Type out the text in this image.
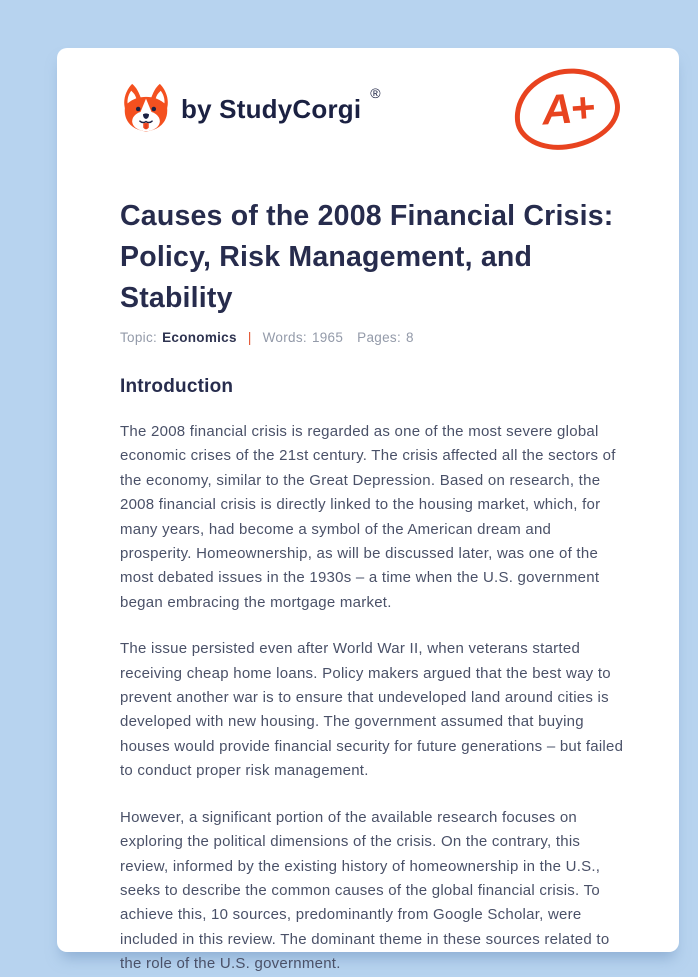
by StudyCorgi
®	A+
Causes of the 2008 Financial Crisis: Policy, Risk Management, and Stability
Topic: Economics | Words: 1965 Pages: 8
Introduction

The 2008 financial crisis is regarded as one of the most severe global economic crises of the 21st century. The crisis affected all the sectors of the economy, similar to the Great Depression. Based on research, the 2008 financial crisis is directly linked to the housing market, which, for many years, had become a symbol of the American dream and prosperity. Homeownership, as will be discussed later, was one of the most debated issues in the 1930s – a time when the U.S. government began embracing the mortgage market.

The issue persisted even after World War II, when veterans started receiving cheap home loans. Policy makers argued that the best way to prevent another war is to ensure that undeveloped land around cities is developed with new housing. The government assumed that buying houses would provide financial security for future generations – but failed to conduct proper risk management.

However, a significant portion of the available research focuses on exploring the political dimensions of the crisis. On the contrary, this review, informed by the existing history of homeownership in the U.S., seeks to describe the common causes of the global financial crisis. To achieve this, 10 sources, predominantly from Google Scholar, were included in this review. The dominant theme in these sources related to the role of the U.S. government.
